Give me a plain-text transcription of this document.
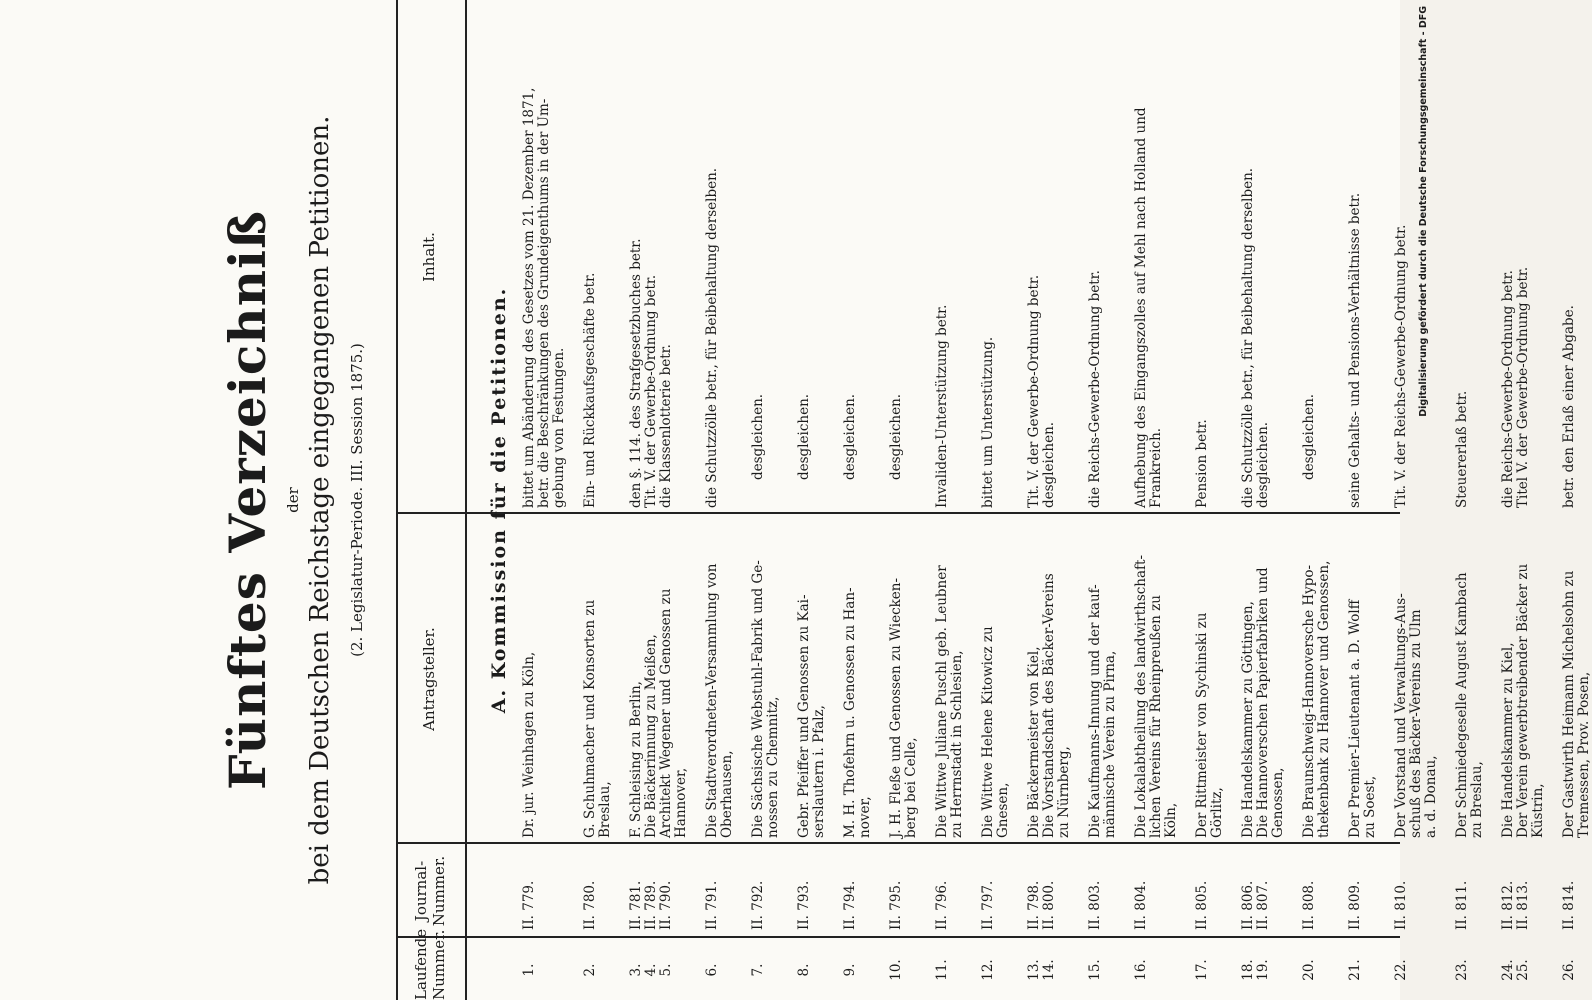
Fünftes Verzeichniß der bei dem Deutschen Reichstage eingegangenen Petitionen. (2. Legislatur-Periode. III. Session 1875.)
Laufende Nummer.
Journal-Nummer.
Antragsteller.
Inhalt.
A. Kommission für die Petitionen.
1.
II. 779.
Dr. jur. Weinhagen zu Köln,
bittet um Abänderung des Gesetzes vom 21. Dezember 1871, betr. die Beschränkungen des Grundeigenthums in der Um- gebung von Festungen.
2.
II. 780.
G. Schuhmacher und Konsorten zu Breslau,
Ein- und Rückkaufsgeschäfte betr.
3. 4. 5.
II. 781. II. 789. II. 790.
F. Schleising zu Berlin, Die Bäckerinnung zu Meißen, Architekt Wegener und Genossen zu Hannover,
den §. 114. des Strafgesetzbuches betr. Tit. V. der Gewerbe-Ordnung betr. die Klassenlotterie betr.
6.
II. 791.
Die Stadtverordneten-Versammlung von Oberhausen,
die Schutzzölle betr., für Beibehaltung derselben.
7.
II. 792.
Die Sächsische Webstuhl-Fabrik und Ge- nossen zu Chemnitz,
desgleichen.
8.
II. 793.
Gebr. Pfeiffer und Genossen zu Kai- serslautern i. Pfalz,
desgleichen.
9.
II. 794.
M. H. Thofehrn u. Genossen zu Han- nover,
desgleichen.
10.
II. 795.
J. H. Fleße und Genossen zu Wiecken- berg bei Celle,
desgleichen.
11.
II. 796.
Die Wittwe Juliane Puschl geb. Leubner zu Herrnstadt in Schlesien,
Invaliden-Unterstützung betr.
12.
II. 797.
Die Wittwe Helene Kitowicz zu Gnesen,
bittet um Unterstützung.
13. 14.
II. 798. II. 800.
Die Bäckermeister von Kiel, Die Vorstandschaft des Bäcker-Vereins zu Nürnberg,
Tit. V. der Gewerbe-Ordnung betr. desgleichen.
15.
II. 803.
Die Kaufmanns-Innung und der kauf- männische Verein zu Pirna,
die Reichs-Gewerbe-Ordnung betr.
16.
II. 804.
Die Lokalabtheilung des landwirthschaft- lichen Vereins für Rheinpreußen zu Köln,
Aufhebung des Eingangszolles auf Mehl nach Holland und Frankreich.
17.
II. 805.
Der Rittmeister von Sychinski zu Görlitz,
Pension betr.
18. 19.
II. 806. II. 807.
Die Handelskammer zu Göttingen, Die Hannoverschen Papierfabriken und Genossen,
die Schutzzölle betr., für Beibehaltung derselben. desgleichen.
20.
II. 808.
Die Braunschweig-Hannoversche Hypo- thekenbank zu Hannover und Genossen,
desgleichen.
21.
II. 809.
Der Premier-Lieutenant a. D. Wolff zu Soest,
seine Gehalts- und Pensions-Verhältnisse betr.
22.
II. 810.
Der Vorstand und Verwaltungs-Aus- schuß des Bäcker-Vereins zu Ulm a. d. Donau,
Tit. V. der Reichs-Gewerbe-Ordnung betr.
23.
II. 811.
Der Schmiedegeselle August Kambach zu Breslau,
Steuererlaß betr.
24. 25.
II. 812. II. 813.
Die Handelskammer zu Kiel, Der Verein gewerbtreibender Bäcker zu Küstrin,
die Reichs-Gewerbe-Ordnung betr. Titel V. der Gewerbe-Ordnung betr.
26.
II. 814.
Der Gastwirth Heimann Michelsohn zu Tremessen, Prov. Posen,
betr. den Erlaß einer Abgabe.
Digitalisierung gefördert durch die Deutsche Forschungsgemeinschaft - DFG
